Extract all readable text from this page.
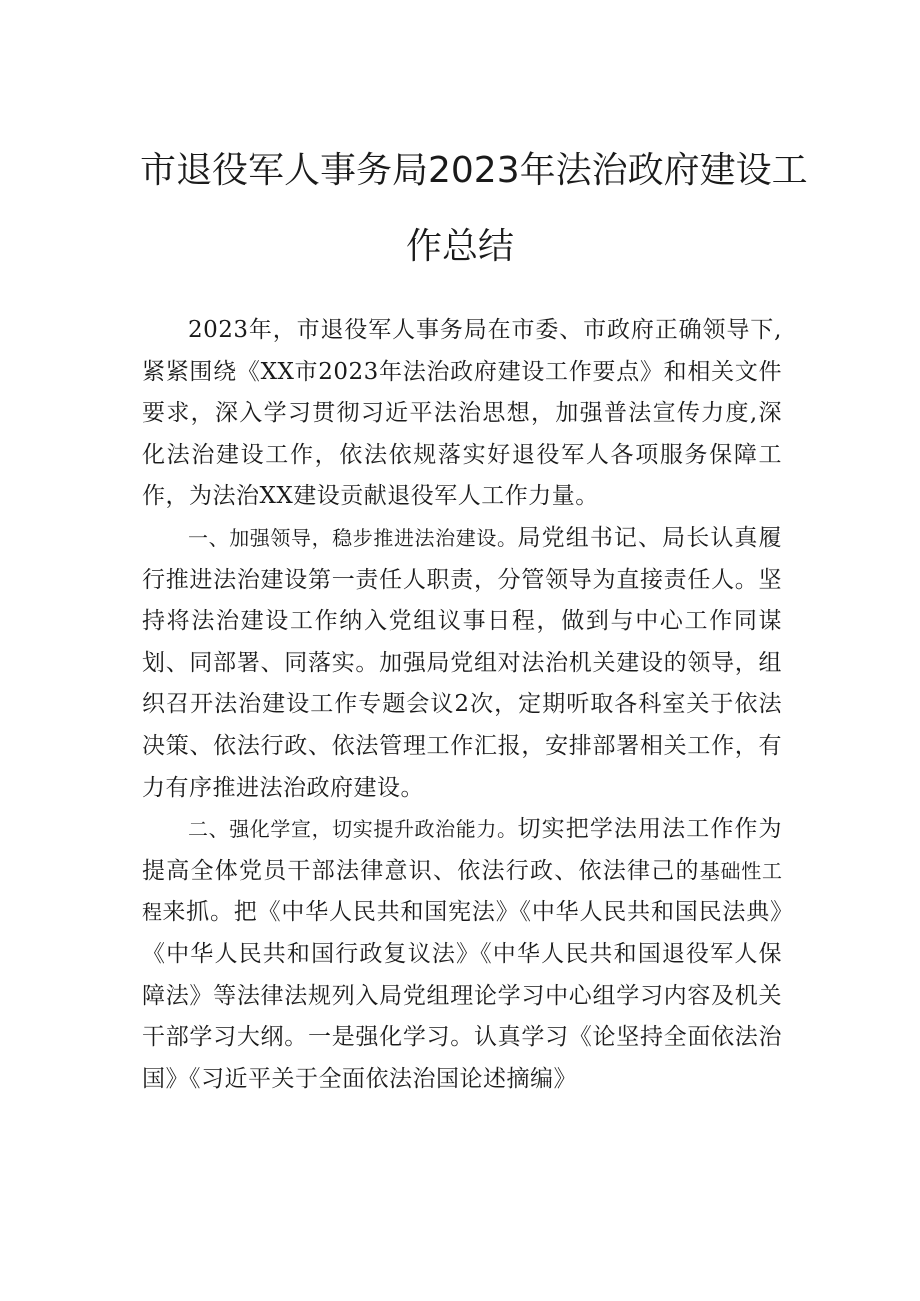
市退役军人事务局2023年法治政府建设工
作总结

2023年，市退役军人事务局在市委、市政府正确领导下,紧紧围绕《XX市2023年法治政府建设工作要点》和相关文件要求，深入学习贯彻习近平法治思想，加强普法宣传力度,深化法治建设工作，依法依规落实好退役军人各项服务保障工作，为法治XX建设贡献退役军人工作力量。

一、加强领导，稳步推进法治建设。局党组书记、局长认真履行推进法治建设第一责任人职责，分管领导为直接责任人。坚持将法治建设工作纳入党组议事日程，做到与中心工作同谋划、同部署、同落实。加强局党组对法治机关建设的领导，组织召开法治建设工作专题会议2次，定期听取各科室关于依法决策、依法行政、依法管理工作汇报，安排部署相关工作，有力有序推进法治政府建设。

二、强化学宣，切实提升政治能力。切实把学法用法工作作为提高全体党员干部法律意识、依法行政、依法律己的基础性工程来抓。把《中华人民共和国宪法》《中华人民共和国民法典》《中华人民共和国行政复议法》《中华人民共和国退役军人保障法》等法律法规列入局党组理论学习中心组学习内容及机关干部学习大纲。一是强化学习。认真学习《论坚持全面依法治国》《习近平关于全面依法治国论述摘编》
